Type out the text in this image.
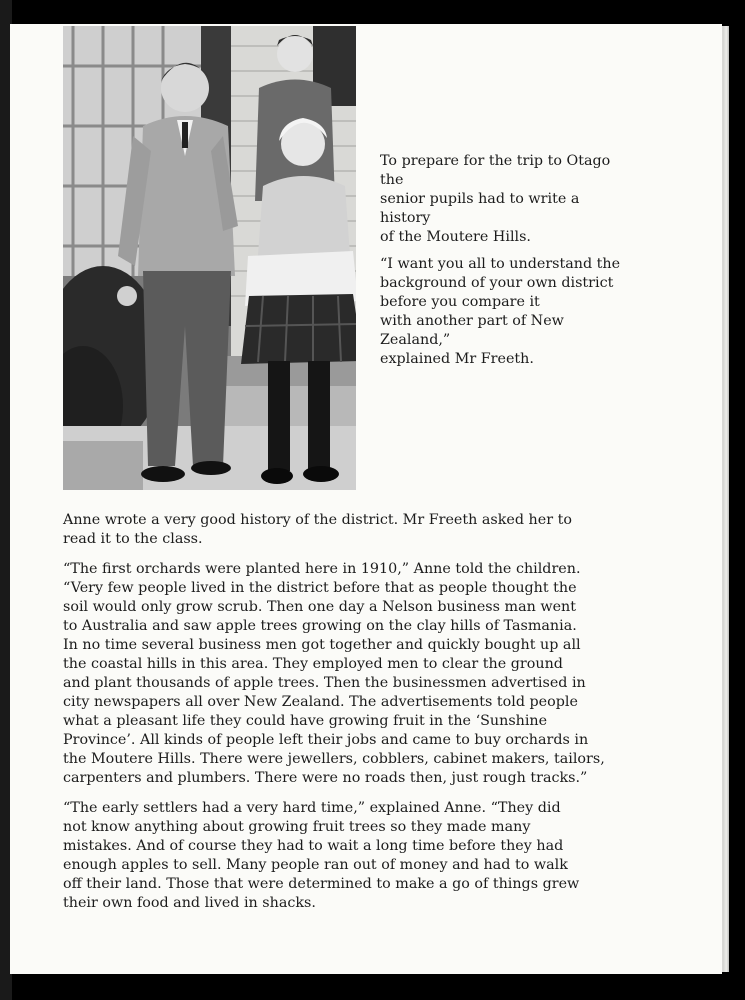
To prepare for the trip to Otago the
senior pupils had to write a history
of the Moutere Hills.

“I want you all to understand the
background of your own district
before you compare it
with another part of New Zealand,”
explained Mr Freeth.

Anne wrote a very good history of the district. Mr Freeth asked her to
read it to the class.

“The first orchards were planted here in 1910,” Anne told the children.
“Very few people lived in the district before that as people thought the
soil would only grow scrub. Then one day a Nelson business man went
to Australia and saw apple trees growing on the clay hills of Tasmania.
In no time several business men got together and quickly bought up all
the coastal hills in this area. They employed men to clear the ground
and plant thousands of apple trees. Then the businessmen advertised in
city newspapers all over New Zealand. The advertisements told people
what a pleasant life they could have growing fruit in the ‘Sunshine
Province’. All kinds of people left their jobs and came to buy orchards in
the Moutere Hills. There were jewellers, cobblers, cabinet makers, tailors,
carpenters and plumbers. There were no roads then, just rough tracks.”

“The early settlers had a very hard time,” explained Anne. “They did
not know anything about growing fruit trees so they made many
mistakes. And of course they had to wait a long time before they had
enough apples to sell. Many people ran out of money and had to walk
off their land. Those that were determined to make a go of things grew
their own food and lived in shacks.
